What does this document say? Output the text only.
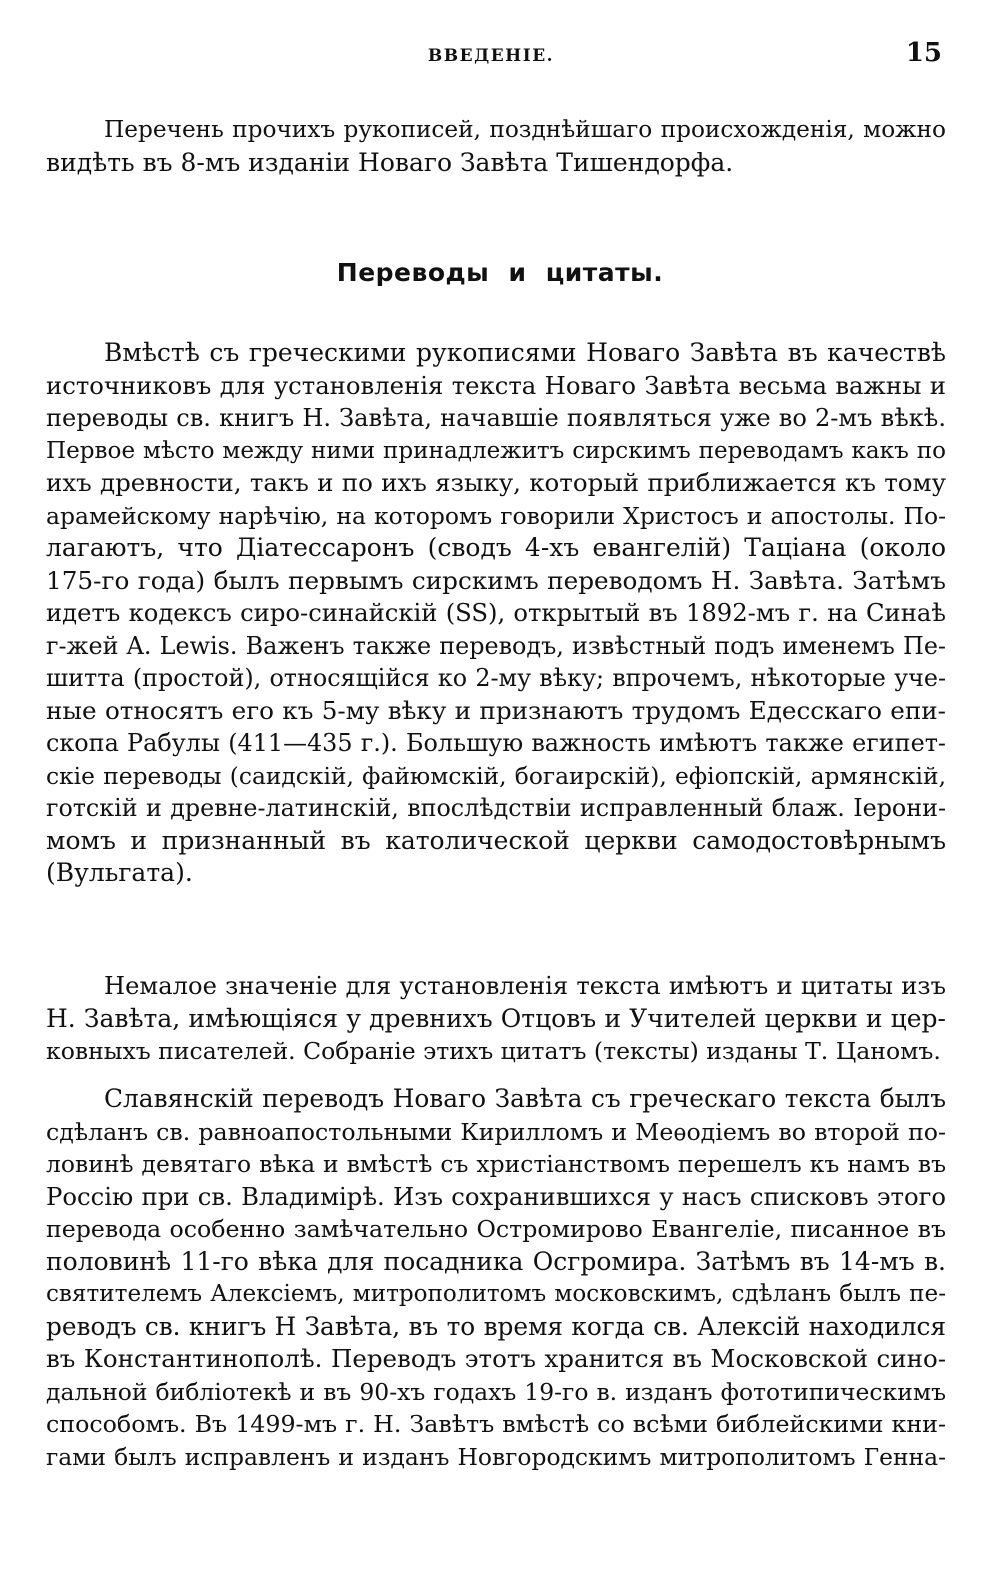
ВВЕДЕНІЕ.	15
Перечень прочихъ рукописей, позднѣйшаго происхожденія, можно
видѣть въ 8-мъ изданіи Новаго Завѣта Тишендорфа.
Переводы и цитаты.
Вмѣстѣ съ греческими рукописями Новаго Завѣта въ качествѣ
источниковъ для установленія текста Новаго Завѣта весьма важны и
переводы св. книгъ Н. Завѣта, начавшіе появляться уже во 2-мъ вѣкѣ.
Первое мѣсто между ними принадлежитъ сирскимъ переводамъ какъ по
ихъ древности, такъ и по ихъ языку, который приближается къ тому
арамейскому нарѣчію, на которомъ говорили Христосъ и апостолы. По-
лагаютъ, что Діатессаронъ (сводъ 4-хъ евангелій) Таціана (около
175-го года) былъ первымъ сирскимъ переводомъ Н. Завѣта. Затѣмъ
идетъ кодексъ сиро-синайскій (SS), открытый въ 1892-мъ г. на Синаѣ
г-жей A. Lewis. Важенъ также переводъ, извѣстный подъ именемъ Пе-
шитта (простой), относящійся ко 2-му вѣку; впрочемъ, нѣкоторые уче-
ные относятъ его къ 5-му вѣку и признаютъ трудомъ Едесскаго епи-
скопа Рабулы (411—435 г.). Большую важность имѣютъ также египет-
скіе переводы (саидскій, файюмскій, богаирскій), ефіопскій, армянскій,
готскій и древне-латинскій, впослѣдствіи исправленный блаж. Іерони-
момъ и признанный въ католической церкви самодостовѣрнымъ
(Вульгата).
Немалое значеніе для установленія текста имѣютъ и цитаты изъ
Н. Завѣта, имѣющіяся у древнихъ Отцовъ и Учителей церкви и цер-
ковныхъ писателей. Собраніе этихъ цитатъ (тексты) изданы Т. Цаномъ.
Славянскій переводъ Новаго Завѣта съ греческаго текста былъ
сдѣланъ св. равноапостольными Кирилломъ и Меѳодіемъ во второй по-
ловинѣ девятаго вѣка и вмѣстѣ съ христіанствомъ перешелъ къ намъ въ
Россію при св. Владимірѣ. Изъ сохранившихся у насъ списковъ этого
перевода особенно замѣчательно Остромирово Евангеліе, писанное въ
половинѣ 11-го вѣка для посадника Осгромира. Затѣмъ въ 14-мъ в.
святителемъ Алексіемъ, митрополитомъ московскимъ, сдѣланъ былъ пе-
реводъ св. книгъ Н Завѣта, въ то время когда св. Алексій находился
въ Константинополѣ. Переводъ этотъ хранится въ Московской сино-
дальной библіотекѣ и въ 90-хъ годахъ 19-го в. изданъ фототипическимъ
способомъ. Въ 1499-мъ г. Н. Завѣтъ вмѣстѣ со всѣми библейскими кни-
гами былъ исправленъ и изданъ Новгородскимъ митрополитомъ Генна-
